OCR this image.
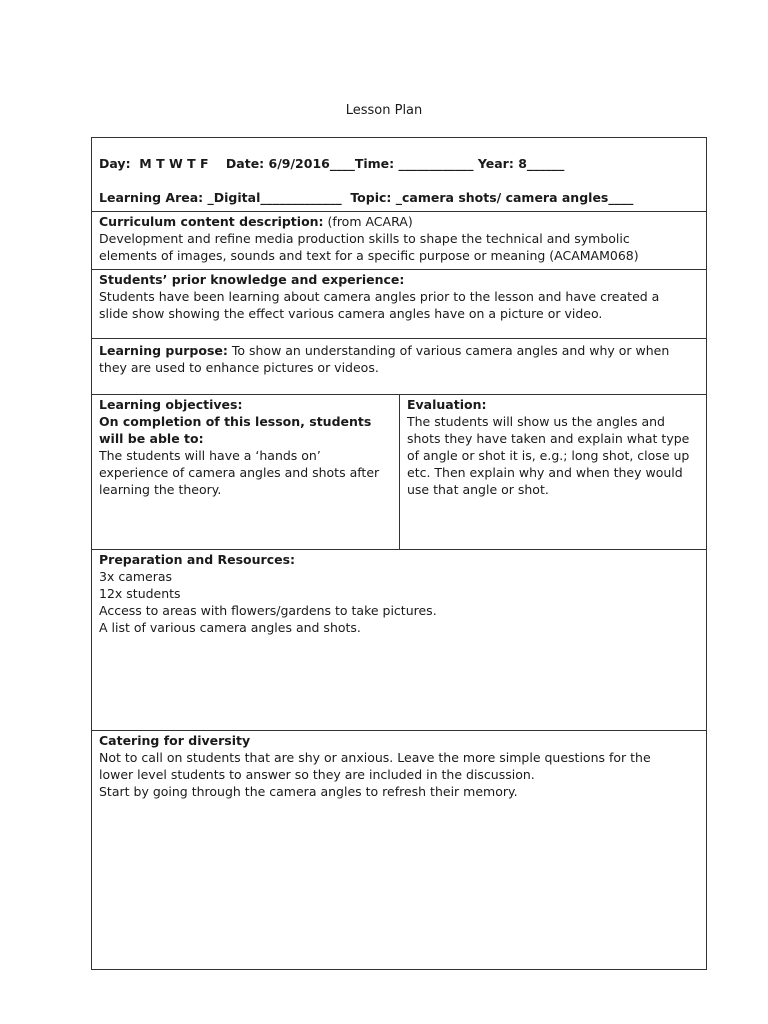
Lesson Plan
Day:  M T W T F    Date: 6/9/2016____Time: ____________ Year: 8______
Learning Area: _Digital_____________  Topic: _camera shots/ camera angles____
Curriculum content description: (from ACARA)
Development and refine media production skills to shape the technical and symbolic
elements of images, sounds and text for a specific purpose or meaning (ACAMAM068)
Students’ prior knowledge and experience:
Students have been learning about camera angles prior to the lesson and have created a
slide show showing the effect various camera angles have on a picture or video.
Learning purpose: To show an understanding of various camera angles and why or when
they are used to enhance pictures or videos.
Learning objectives:
On completion of this lesson, students
will be able to:
The students will have a ‘hands on’
experience of camera angles and shots after
learning the theory.
Evaluation:
The students will show us the angles and
shots they have taken and explain what type
of angle or shot it is, e.g.; long shot, close up
etc. Then explain why and when they would
use that angle or shot.
Preparation and Resources:
3x cameras
12x students
Access to areas with flowers/gardens to take pictures.
A list of various camera angles and shots.
Catering for diversity
Not to call on students that are shy or anxious. Leave the more simple questions for the
lower level students to answer so they are included in the discussion.
Start by going through the camera angles to refresh their memory.
